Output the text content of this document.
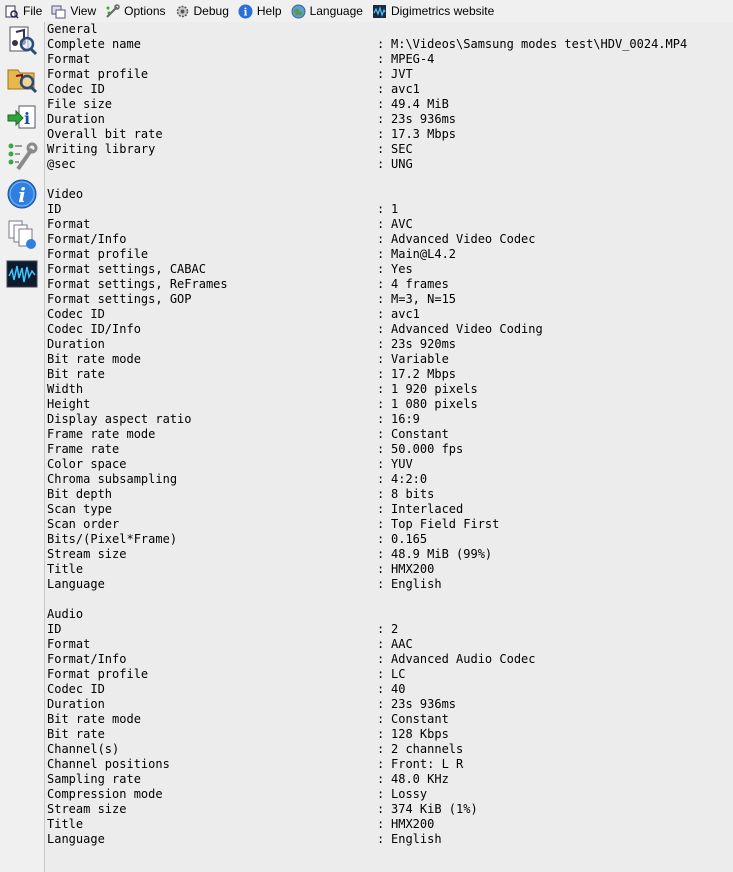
File View Options Debug i Help Language Digimetrics website
i
i
General
Complete name	: M:\Videos\Samsung modes test\HDV_0024.MP4
Format	: MPEG-4
Format profile	: JVT
Codec ID	: avc1
File size	: 49.4 MiB
Duration	: 23s 936ms
Overall bit rate	: 17.3 Mbps
Writing library	: SEC
@sec	: UNG
Video
ID	: 1
Format	: AVC
Format/Info	: Advanced Video Codec
Format profile	: Main@L4.2
Format settings, CABAC	: Yes
Format settings, ReFrames	: 4 frames
Format settings, GOP	: M=3, N=15
Codec ID	: avc1
Codec ID/Info	: Advanced Video Coding
Duration	: 23s 920ms
Bit rate mode	: Variable
Bit rate	: 17.2 Mbps
Width	: 1 920 pixels
Height	: 1 080 pixels
Display aspect ratio	: 16:9
Frame rate mode	: Constant
Frame rate	: 50.000 fps
Color space	: YUV
Chroma subsampling	: 4:2:0
Bit depth	: 8 bits
Scan type	: Interlaced
Scan order	: Top Field First
Bits/(Pixel*Frame)	: 0.165
Stream size	: 48.9 MiB (99%)
Title	: HMX200
Language	: English
Audio
ID	: 2
Format	: AAC
Format/Info	: Advanced Audio Codec
Format profile	: LC
Codec ID	: 40
Duration	: 23s 936ms
Bit rate mode	: Constant
Bit rate	: 128 Kbps
Channel(s)	: 2 channels
Channel positions	: Front: L R
Sampling rate	: 48.0 KHz
Compression mode	: Lossy
Stream size	: 374 KiB (1%)
Title	: HMX200
Language	: English
